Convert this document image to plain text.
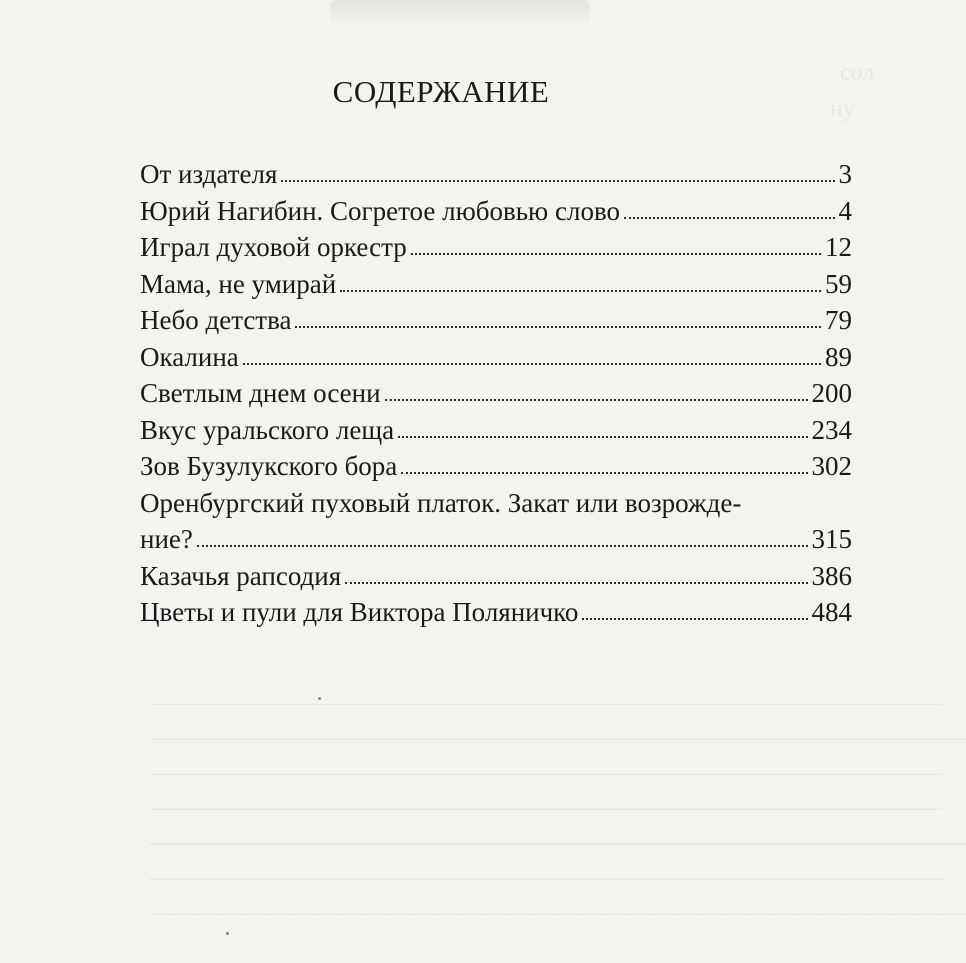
сол
ну
―――――――――――――――――――――――――――――――――
――――――――――――――――――――――――――――――――――
―――――――――――――――――――――――――――――――――
―――――――――――――――――――――――――――――――――
――――――――――――――――――――――――――――――――――
―――――――――――――――――――――――――――――――――
――――――――――――――――――――――――――――――――――
СОДЕРЖАНИЕ
От издателя	3
Юрий Нагибин. Согретое любовью слово	4
Играл духовой оркестр	12
Мама, не умирай	59
Небо детства	79
Окалина	89
Светлым днем осени	200
Вкус уральского леща	234
Зов Бузулукского бора	302
Оренбургский пуховый платок. Закат или возрожде-
ние?	315
Казачья рапсодия	386
Цветы и пули для Виктора Поляничко	484
